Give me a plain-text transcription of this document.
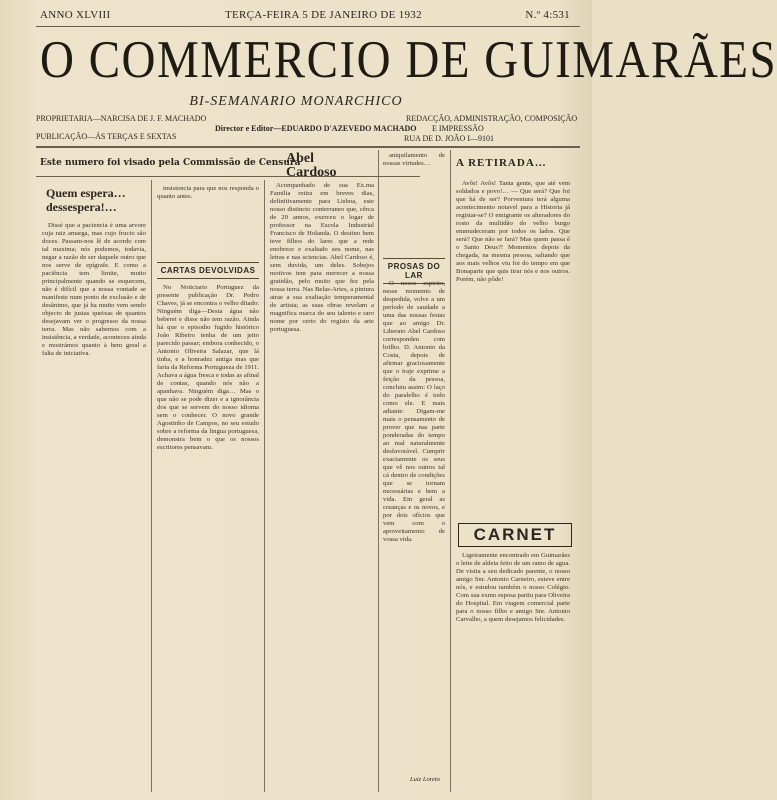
ANNO XLVIII	TERÇA-FEIRA 5 DE JANEIRO DE 1932	N.º 4:531
O COMMERCIO DE GUIMARÃES
BI-SEMANARIO MONARCHICO
PROPRIETARIA—NARCISA DE J. F. MACHADO
PUBLICAÇÃO—ÁS TERÇAS E SEXTAS
Director e Editor—EDUARDO D'AZEVEDO MACHADO
REDACÇÃO, ADMINISTRAÇÃO, COMPOSIÇÃO
E IMPRESSÃO
RUA DE D. JOÃO I—9101
Este numero foi visado pela Commissão de Censura
Quem espera… dessespera!…

Dissé que a paciencia é uma arvore cuja raiz amarga, mas cujo fructo são doces. Passam-nos lê de acordo com tal maxima; nós podemos, todavia, negar a razão de ser daquele outro que nos serve de epígrafe. E como a paciência tem limite, muito principalmente quando se esquecem, não é difícil que a nossa vontade se manifeste num ponto de exclusão e de desânimo, que já ha muito vem sendo objecto de justas queixas de quantos desejavam ver o progresso da nossa terra. Mas não sabemos com a insistência, a verdade, aconteceu ainda e mostrámos quanto à bem geral a falta de iniciativa.

insistencia para que nos responda o quanto antes.

CARTAS DEVOLVIDAS

No Noticiario Portuguez da presente publicação Dr. Pedro Chaves, já se encontra o velho ditado: Ninguém diga—Desta água não beberei e disse não tem razão. Ainda há que o episodio fugido histórico João Ribeiro tenha de um jeito parecido passar; embora conhecido, o Antonio Oliveira Salazar, que lá tinha, e a honradez antiga mas que faria da Reforma Portugueza de 1911. Achava a água fresca e todas as afinal de contas, quando nós não a apanhava. Ninguém diga… Mas o que não se pode dizer e a ignorância dos que se servem do nosso idioma sem o conhecer. O novo grande Agostinho de Campos, no seu estudo sobre a reforma da lingua portuguesa, demonstra bem o que os nossos escritores pensavam.

Abel Cardoso

Acompanhado de sua Ex.ma Familia retira em breves dias, definitivamente para Lisboa, este nosso distincto conterraneo que, cêrca de 20 annos, exerceu o logar de professor na Escola Industrial Francisco de Holanda. O destino bem teve filhos do lares que a rede enobrece e exaltado seu nome, nas letras e nas sciencias. Abel Cardoso é, sem duvida, um deles. Sobejos motivos tem para merecer a nossa gratidão, pelo muito que fez pela nossa terra. Nas Belas-Artes, a pintura atrae a sua exaltação temperamental de artista; as suas obras revelam a magnifica marca do seu talento e raro nome por certo do registo da arte portuguesa.

aniquilamento de nossas virtudes…

PROSAS DO LAR

O nosso espirito, nesse momento de despedida, volve a um período de saudade a uma das nossas festas que ao amigo Dr. Liberato Abel Cardoso correspondeu com brilho. D. Antonio da Costa, depois de afirmar graciosamente que o traje exprime a feição da pessoa, concluiu assim: O laço do paralelho é todo como ele. E mais adiante: Digam-me mais o pensamento de prover que nas parte ponderadas do tempo ao mal naturalmente desfavorável. Cumprir exactamente os seus que vê nos outros tal cá dentro de condições que se tornam necessárias e bem a vida. Em geral as creanças e os novos, e por dois ofícios que vem com o aproveitamento de vossa vida.

Luiz Loreto
A RETIRADA…

Avôs! Avôs! Tanta gente, que até vem soldados e povo!… — Que será? Que foi que há de ser? Porventura terá alguma acontecimento notavel para a Historia já registar-se? O emigrante os alteradores do rosto da multidão do velho burgo emmudeceram por todos os lados. Que será? Que não se fará? Mas quem passa é o Santo Deus?! Momentos depois da chegada, na mesma pessoa, saltando que aos mais velhos viu foi do tempo em que Bonaparte que quis tirar nós e nos outros. Porém, não pôde!

CARNET

Ligeiramente encontrado em Guimarães o leite de aldeia feito de um ramo de agua. De visita a seu dedicado parente, o nosso amigo Snr. Antonio Carneiro, esteve entre nós, e estudou também o nosso Colégio. Com sua exmo esposa partiu para Oliveira do Hospital. Em viagem comercial parte para o nosso filho e amigo Snr. Antonio Carvalho, a quem desejamos felicidades.
